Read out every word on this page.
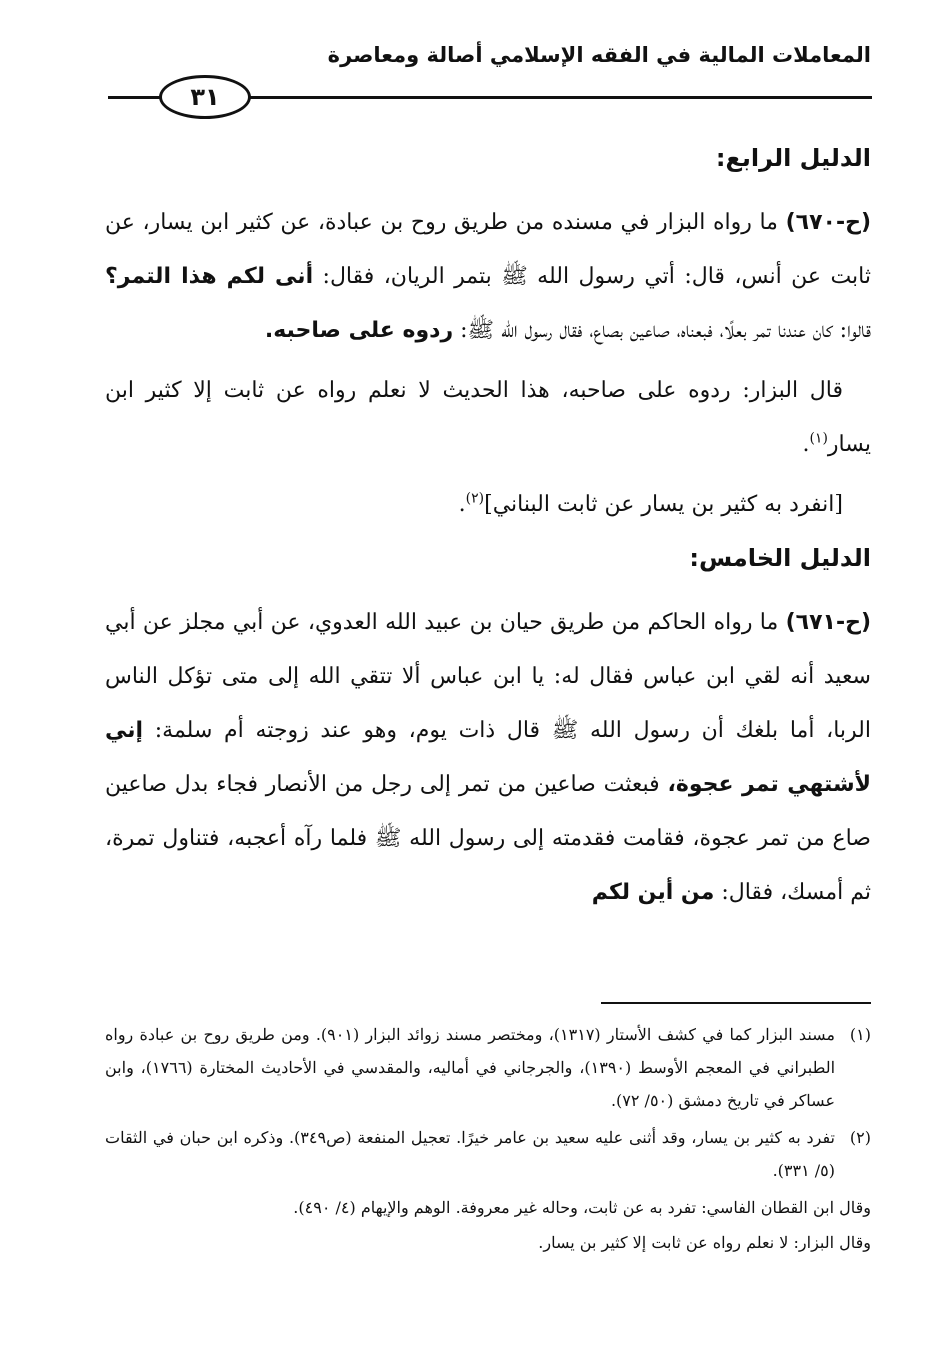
المعاملات المالية في الفقه الإسلامي أصالة ومعاصرة
٣١
الدليل الرابع:

(ح-٦٧٠) ما رواه البزار في مسنده من طريق روح بن عبادة، عن كثير ابن يسار، عن ثابت عن أنس، قال: أتي رسول الله ﷺ بتمر الريان، فقال: أنى لكم هذا التمر؟ قالوا: كان عندنا تمر بعلًا، فبعناه، صاعين بصاع، فقال رسول الله ﷺ: ردوه على صاحبه.

قال البزار: ردوه على صاحبه، هذا الحديث لا نعلم رواه عن ثابت إلا كثير ابن يسار$^{(١)}$.

[انفرد به كثير بن يسار عن ثابت البناني]$^{(٢)}$.

الدليل الخامس:

(ح-٦٧١) ما رواه الحاكم من طريق حيان بن عبيد الله العدوي، عن أبي مجلز عن أبي سعيد أنه لقي ابن عباس فقال له: يا ابن عباس ألا تتقي الله إلى متى تؤكل الناس الربا، أما بلغك أن رسول الله ﷺ قال ذات يوم، وهو عند زوجته أم سلمة: إني لأشتهي تمر عجوة، فبعثت صاعين من تمر إلى رجل من الأنصار فجاء بدل صاعين صاع من تمر عجوة، فقامت فقدمته إلى رسول الله ﷺ فلما رآه أعجبه، فتناول تمرة، ثم أمسك، فقال: من أين لكم

(١)
مسند البزار كما في كشف الأستار (١٣١٧)، ومختصر مسند زوائد البزار (٩٠١). ومن طريق روح بن عبادة رواه الطبراني في المعجم الأوسط (١٣٩٠)، والجرجاني في أماليه، والمقدسي في الأحاديث المختارة (١٧٦٦)، وابن عساكر في تاريخ دمشق (٥٠/ ٧٢).
(٢)
تفرد به كثير بن يسار، وقد أثنى عليه سعيد بن عامر خيرًا. تعجيل المنفعة (ص٣٤٩). وذكره ابن حبان في الثقات (٥/ ٣٣١).
وقال ابن القطان الفاسي: تفرد به عن ثابت، وحاله غير معروفة. الوهم والإيهام (٤/ ٤٩٠).
وقال البزار: لا نعلم رواه عن ثابت إلا كثير بن يسار.
